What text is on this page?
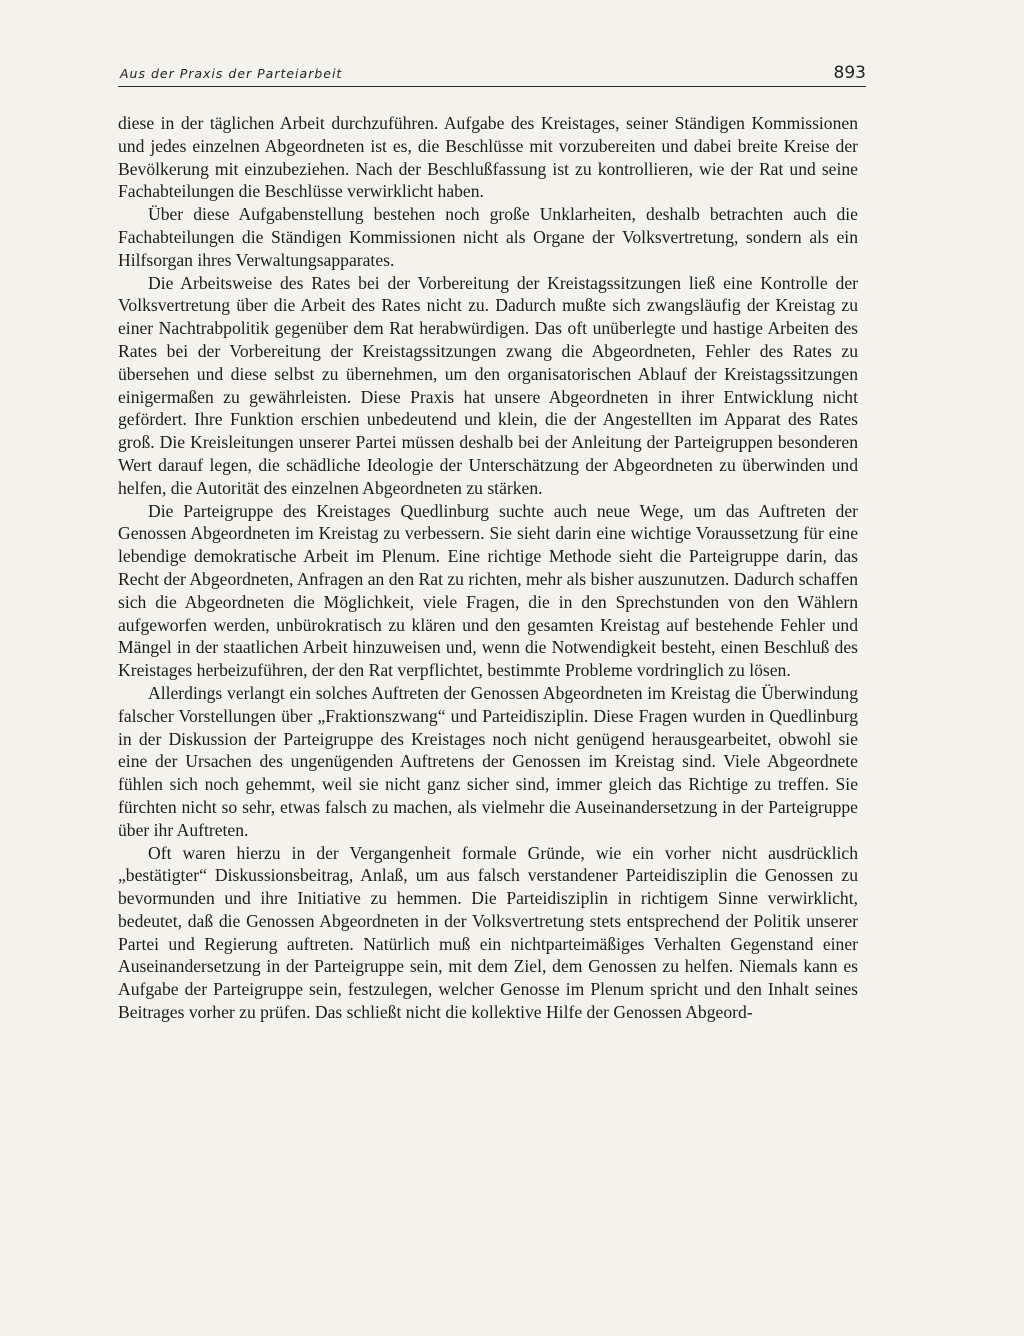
Aus der Praxis der Parteiarbeit	893

diese in der täglichen Arbeit durchzuführen. Aufgabe des Kreistages, seiner Ständigen Kommissionen und jedes einzelnen Abgeordneten ist es, die Beschlüsse mit vorzubereiten und dabei breite Kreise der Bevölkerung mit einzubeziehen. Nach der Beschlußfassung ist zu kontrollieren, wie der Rat und seine Fachabteilungen die Beschlüsse verwirklicht haben.

Über diese Aufgabenstellung bestehen noch große Unklarheiten, deshalb betrachten auch die Fachabteilungen die Ständigen Kommissionen nicht als Organe der Volksvertretung, sondern als ein Hilfsorgan ihres Verwaltungsapparates.

Die Arbeitsweise des Rates bei der Vorbereitung der Kreistagssitzungen ließ eine Kontrolle der Volksvertretung über die Arbeit des Rates nicht zu. Dadurch mußte sich zwangsläufig der Kreistag zu einer Nachtrabpolitik gegenüber dem Rat herabwürdigen. Das oft unüberlegte und hastige Arbeiten des Rates bei der Vorbereitung der Kreistagssitzungen zwang die Abgeordneten, Fehler des Rates zu übersehen und diese selbst zu übernehmen, um den organisatorischen Ablauf der Kreistagssitzungen einigermaßen zu gewährleisten. Diese Praxis hat unsere Abgeordneten in ihrer Entwicklung nicht gefördert. Ihre Funktion erschien unbedeutend und klein, die der Angestellten im Apparat des Rates groß. Die Kreisleitungen unserer Partei müssen deshalb bei der Anleitung der Parteigruppen besonderen Wert darauf legen, die schädliche Ideologie der Unterschätzung der Abgeordneten zu überwinden und helfen, die Autorität des einzelnen Abgeordneten zu stärken.

Die Parteigruppe des Kreistages Quedlinburg suchte auch neue Wege, um das Auftreten der Genossen Abgeordneten im Kreistag zu verbessern. Sie sieht darin eine wichtige Voraussetzung für eine lebendige demokratische Arbeit im Plenum. Eine richtige Methode sieht die Parteigruppe darin, das Recht der Abgeordneten, Anfragen an den Rat zu richten, mehr als bisher auszunutzen. Dadurch schaffen sich die Abgeordneten die Möglichkeit, viele Fragen, die in den Sprechstunden von den Wählern aufgeworfen werden, unbürokratisch zu klären und den gesamten Kreistag auf bestehende Fehler und Mängel in der staatlichen Arbeit hinzuweisen und, wenn die Notwendigkeit besteht, einen Beschluß des Kreistages herbeizuführen, der den Rat verpflichtet, bestimmte Probleme vordringlich zu lösen.

Allerdings verlangt ein solches Auftreten der Genossen Abgeordneten im Kreistag die Überwindung falscher Vorstellungen über „Fraktionszwang“ und Parteidisziplin. Diese Fragen wurden in Quedlinburg in der Diskussion der Parteigruppe des Kreistages noch nicht genügend herausgearbeitet, obwohl sie eine der Ursachen des ungenügenden Auftretens der Genossen im Kreistag sind. Viele Abgeordnete fühlen sich noch gehemmt, weil sie nicht ganz sicher sind, immer gleich das Richtige zu treffen. Sie fürchten nicht so sehr, etwas falsch zu machen, als vielmehr die Auseinandersetzung in der Parteigruppe über ihr Auftreten.

Oft waren hierzu in der Vergangenheit formale Gründe, wie ein vorher nicht ausdrücklich „bestätigter“ Diskussionsbeitrag, Anlaß, um aus falsch verstandener Parteidisziplin die Genossen zu bevormunden und ihre Initiative zu hemmen. Die Parteidisziplin in richtigem Sinne verwirklicht, bedeutet, daß die Genossen Abgeordneten in der Volksvertretung stets entsprechend der Politik unserer Partei und Regierung auftreten. Natürlich muß ein nichtparteimäßiges Verhalten Gegenstand einer Auseinandersetzung in der Parteigruppe sein, mit dem Ziel, dem Genossen zu helfen. Niemals kann es Aufgabe der Parteigruppe sein, festzulegen, welcher Genosse im Plenum spricht und den Inhalt seines Beitrages vorher zu prüfen. Das schließt nicht die kollektive Hilfe der Genossen Abgeord-
